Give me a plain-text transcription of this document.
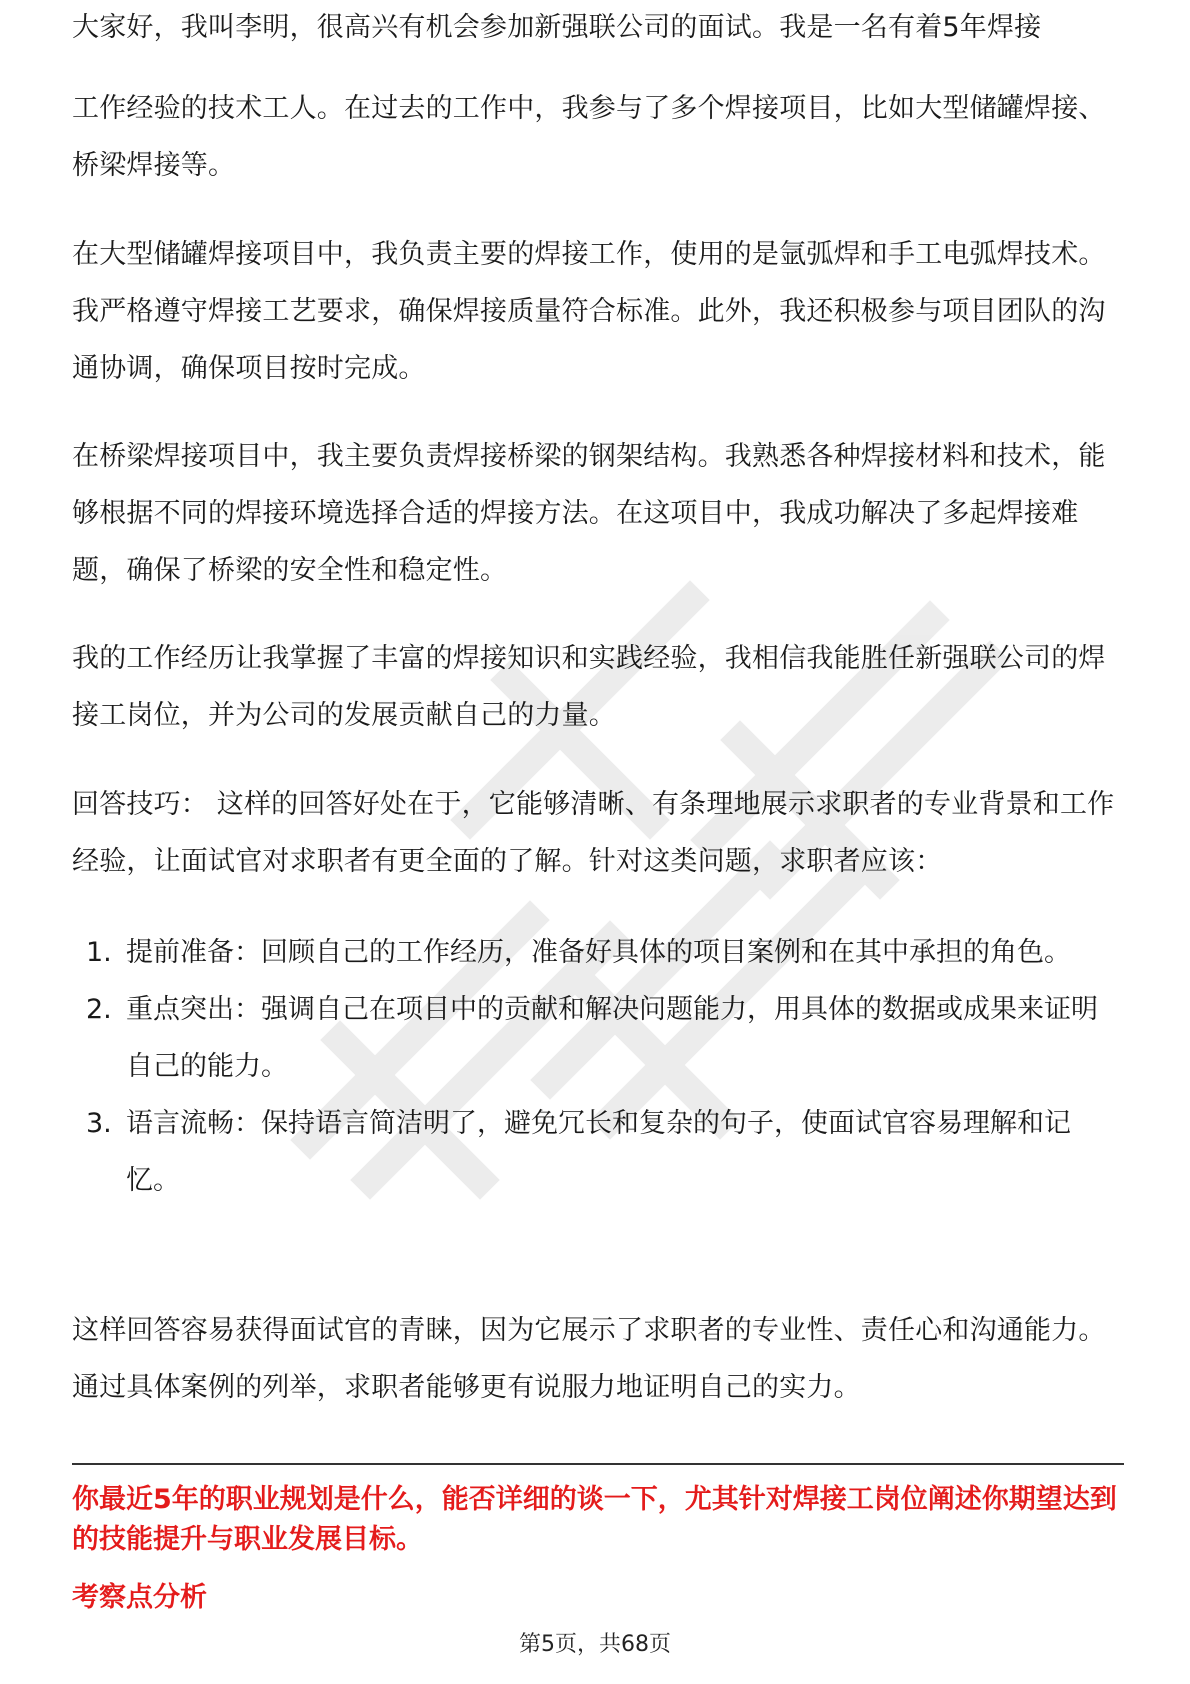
大家好，我叫李明，很高兴有机会参加新强联公司的面试。我是一名有着5年焊接

工作经验的技术工人。在过去的工作中，我参与了多个焊接项目，比如大型储罐焊接、桥梁焊接等。

在大型储罐焊接项目中，我负责主要的焊接工作，使用的是氩弧焊和手工电弧焊技术。我严格遵守焊接工艺要求，确保焊接质量符合标准。此外，我还积极参与项目团队的沟通协调，确保项目按时完成。

在桥梁焊接项目中，我主要负责焊接桥梁的钢架结构。我熟悉各种焊接材料和技术，能够根据不同的焊接环境选择合适的焊接方法。在这项目中，我成功解决了多起焊接难题，确保了桥梁的安全性和稳定性。

我的工作经历让我掌握了丰富的焊接知识和实践经验，我相信我能胜任新强联公司的焊接工岗位，并为公司的发展贡献自己的力量。

回答技巧： 这样的回答好处在于，它能够清晰、有条理地展示求职者的专业背景和工作经验，让面试官对求职者有更全面的了解。针对这类问题，求职者应该：

1. 提前准备：回顾自己的工作经历，准备好具体的项目案例和在其中承担的角色。
2. 重点突出：强调自己在项目中的贡献和解决问题能力，用具体的数据或成果来证明自己的能力。
3. 语言流畅：保持语言简洁明了，避免冗长和复杂的句子，使面试官容易理解和记忆。

这样回答容易获得面试官的青睐，因为它展示了求职者的专业性、责任心和沟通能力。通过具体案例的列举，求职者能够更有说服力地证明自己的实力。

你最近5年的职业规划是什么，能否详细的谈一下，尤其针对焊接工岗位阐述你期望达到的技能提升与职业发展目标。

考察点分析

第5页，共68页
